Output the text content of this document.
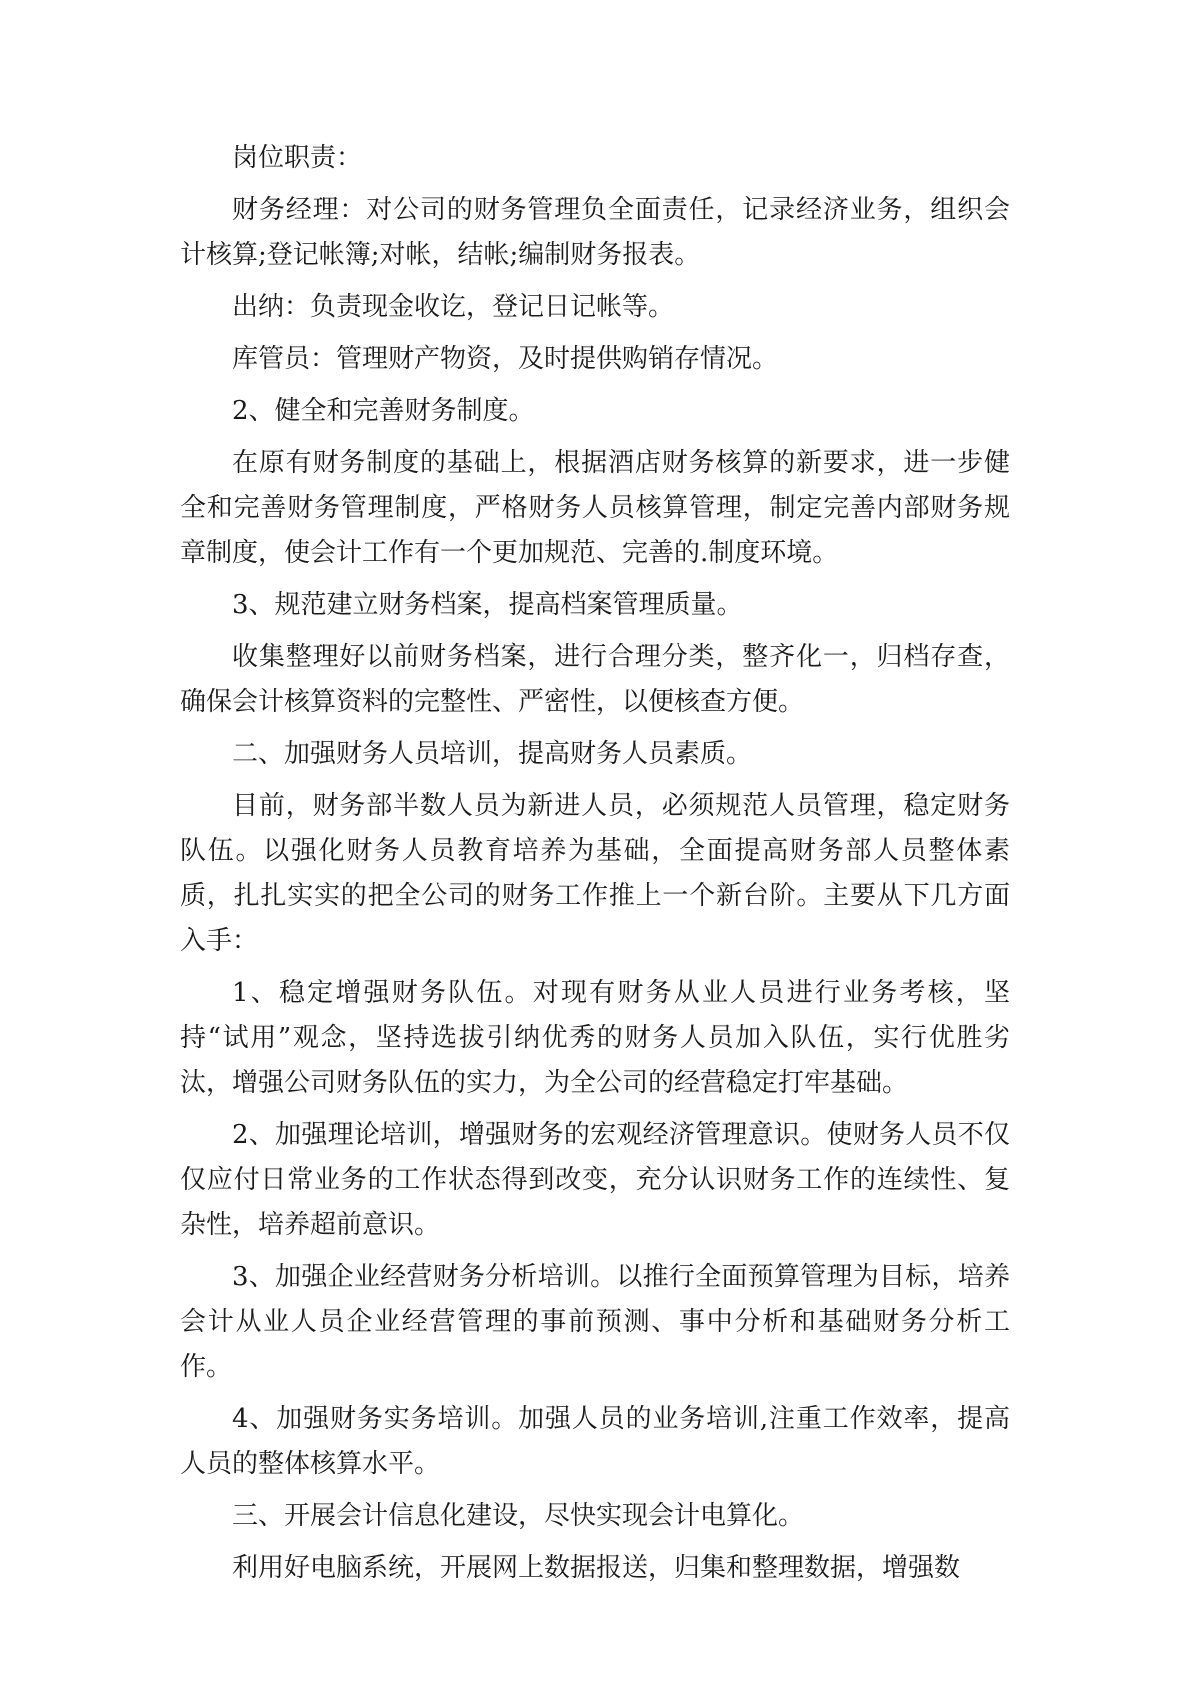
岗位职责：

财务经理：对公司的财务管理负全面责任，记录经济业务，组织会计核算;登记帐簿;对帐，结帐;编制财务报表。

出纳：负责现金收讫，登记日记帐等。

库管员：管理财产物资，及时提供购销存情况。

2、健全和完善财务制度。

在原有财务制度的基础上，根据酒店财务核算的新要求，进一步健全和完善财务管理制度，严格财务人员核算管理，制定完善内部财务规章制度，使会计工作有一个更加规范、完善的.制度环境。

3、规范建立财务档案，提高档案管理质量。

收集整理好以前财务档案，进行合理分类，整齐化一，归档存查，确保会计核算资料的完整性、严密性，以便核查方便。

二、加强财务人员培训，提高财务人员素质。

目前，财务部半数人员为新进人员，必须规范人员管理，稳定财务队伍。以强化财务人员教育培养为基础，全面提高财务部人员整体素质，扎扎实实的把全公司的财务工作推上一个新台阶。主要从下几方面入手：

1、稳定增强财务队伍。对现有财务从业人员进行业务考核，坚持“试用”观念，坚持选拔引纳优秀的财务人员加入队伍，实行优胜劣汰，增强公司财务队伍的实力，为全公司的经营稳定打牢基础。

2、加强理论培训，增强财务的宏观经济管理意识。使财务人员不仅仅应付日常业务的工作状态得到改变，充分认识财务工作的连续性、复杂性，培养超前意识。

3、加强企业经营财务分析培训。以推行全面预算管理为目标，培养会计从业人员企业经营管理的事前预测、事中分析和基础财务分析工作。

4、加强财务实务培训。加强人员的业务培训,注重工作效率，提高人员的整体核算水平。

三、开展会计信息化建设，尽快实现会计电算化。

利用好电脑系统，开展网上数据报送，归集和整理数据，增强数
